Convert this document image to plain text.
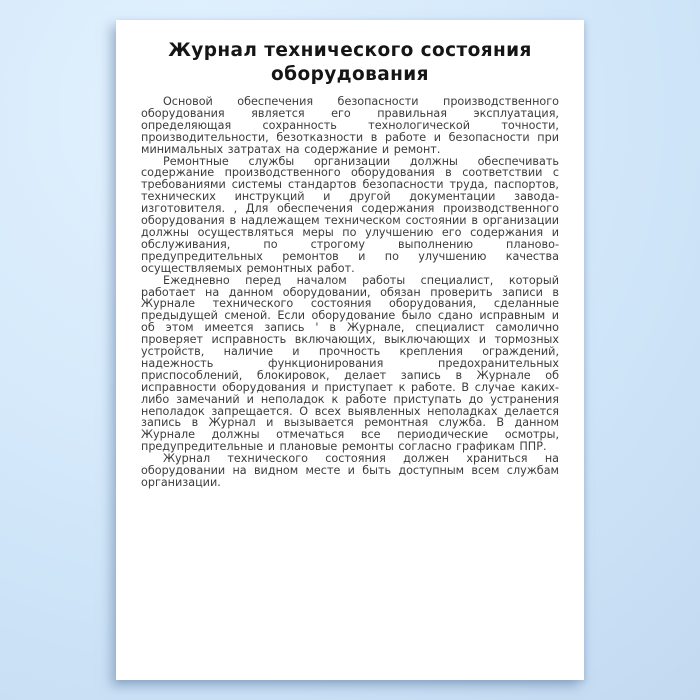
Журнал технического состояния оборудования

Основой обеспечения безопасности производственного оборудования является его правильная эксплуатация, определяющая сохранность технологической точности, производительности, безотказности в работе и безопасности при минимальных затратах на содержание и ремонт.

Ремонтные службы организации должны обеспечивать содержание производственного оборудования в соответствии с требованиями системы стандартов безопасности труда, паспортов, технических инструкций и другой документации завода-изготовителя. , Для обеспечения содержания производственного оборудования в надлежащем техническом состоянии в организации должны осуществляться меры по улучшению его содержания и обслуживания, по строгому выполнению планово-предупредительных ремонтов и по улучшению качества осуществляемых ремонтных работ.

Ежедневно перед началом работы специалист, который работает на данном оборудовании, обязан проверить записи в Журнале технического состояния оборудования, сделанные предыдущей сменой. Если оборудование было сдано исправным и об этом имеется запись ' в Журнале, специалист самолично проверяет исправность включающих, выключающих и тормозных устройств, наличие и прочность крепления ограждений, надежность функционирования предохранительных приспособлений, блокировок, делает запись в Журнале об исправности оборудования и приступает к работе. В случае каких-либо замечаний и неполадок к работе приступать до устранения неполадок запрещается. О всех выявленных неполадках делается запись в Журнал и вызывается ремонтная служба. В данном Журнале должны отмечаться все периодические осмотры, предупредительные и плановые ремонты согласно графикам ППР.

Журнал технического состояния должен храниться на оборудовании на видном месте и быть доступным всем службам организации.
